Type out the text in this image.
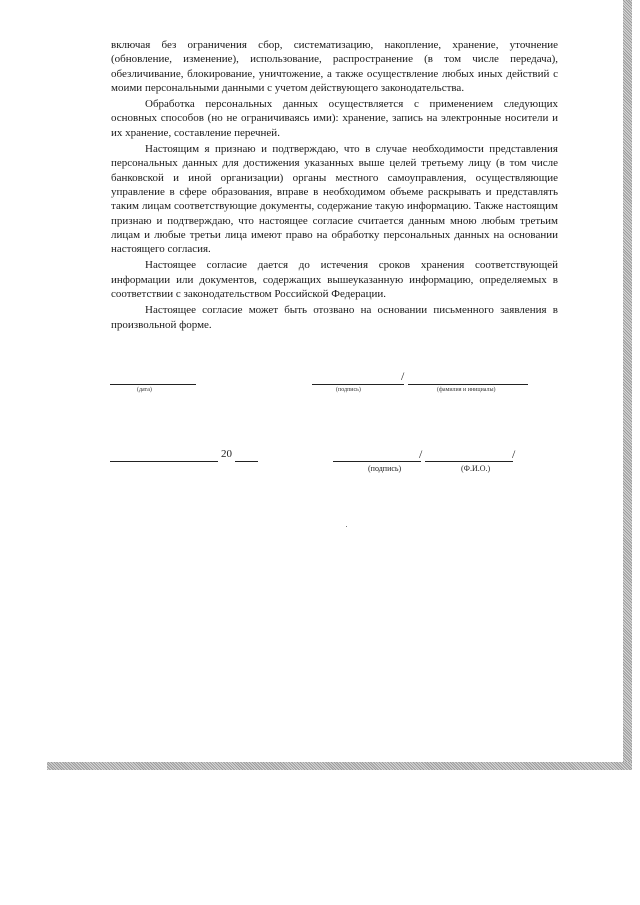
включая без ограничения сбор, систематизацию, накопление, хранение, уточнение (обновление, изменение), использование, распространение (в том числе передача), обезличивание, блокирование, уничтожение, а также осуществление любых иных действий с моими персональными данными с учетом действующего законодательства.

Обработка персональных данных осуществляется с применением следующих основных способов (но не ограничиваясь ими): хранение, запись на электронные носители и их хранение, составление перечней.

Настоящим я признаю и подтверждаю, что в случае необходимости представления персональных данных для достижения указанных выше целей третьему лицу (в том числе банковской и иной организации) органы местного самоуправления, осуществляющие управление в сфере образования, вправе в необходимом объеме раскрывать и представлять таким лицам соответствующие документы, содержание такую информацию. Также настоящим признаю и подтверждаю, что настоящее согласие считается данным мною любым третьим лицам и любые третьи лица имеют право на обработку персональных данных на основании настоящего согласия.

Настоящее согласие дается до истечения сроков хранения соответствующей информации или документов, содержащих вышеуказанную информацию, определяемых в соответствии с законодательством Российской Федерации.

Настоящее согласие может быть отозвано на основании письменного заявления в произвольной форме.

(дата)
/
(подпись)	(фамилия и инициалы)
20	/	/
(подпись)	(Ф.И.О.)
